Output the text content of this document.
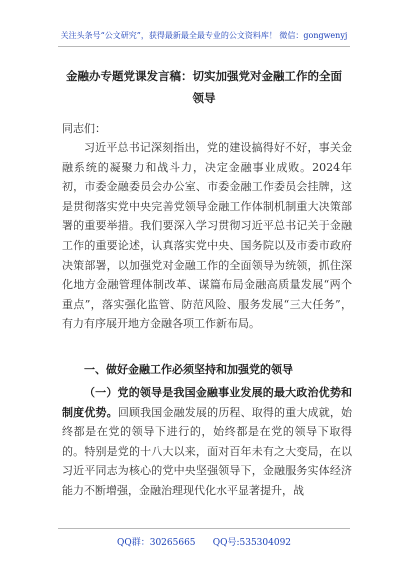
关注头条号“公文研究”，获得最新最全最专业的公文资料库！ 微信：gongwenyj
金融办专题党课发言稿：切实加强党对金融工作的全面领导
同志们：
习近平总书记深刻指出，党的建设搞得好不好，事关金融系统的凝聚力和战斗力，决定金融事业成败。2024年初，市委金融委员会办公室、市委金融工作委员会挂牌，这是贯彻落实党中央完善党领导金融工作体制机制重大决策部署的重要举措。我们要深入学习贯彻习近平总书记关于金融工作的重要论述，认真落实党中央、国务院以及市委市政府决策部署，以加强党对金融工作的全面领导为统领，抓住深化地方金融管理体制改革、谋篇布局金融高质量发展“两个重点”，落实强化监管、防范风险、服务发展“三大任务”，有力有序展开地方金融各项工作新布局。
一、做好金融工作必须坚持和加强党的领导
（一）党的领导是我国金融事业发展的最大政治优势和制度优势。回顾我国金融发展的历程、取得的重大成就，始终都是在党的领导下进行的，始终都是在党的领导下取得的。特别是党的十八大以来，面对百年未有之大变局，在以习近平同志为核心的党中央坚强领导下，金融服务实体经济能力不断增强，金融治理现代化水平显著提升，战
QQ群：30265665      QQ号:535304092
